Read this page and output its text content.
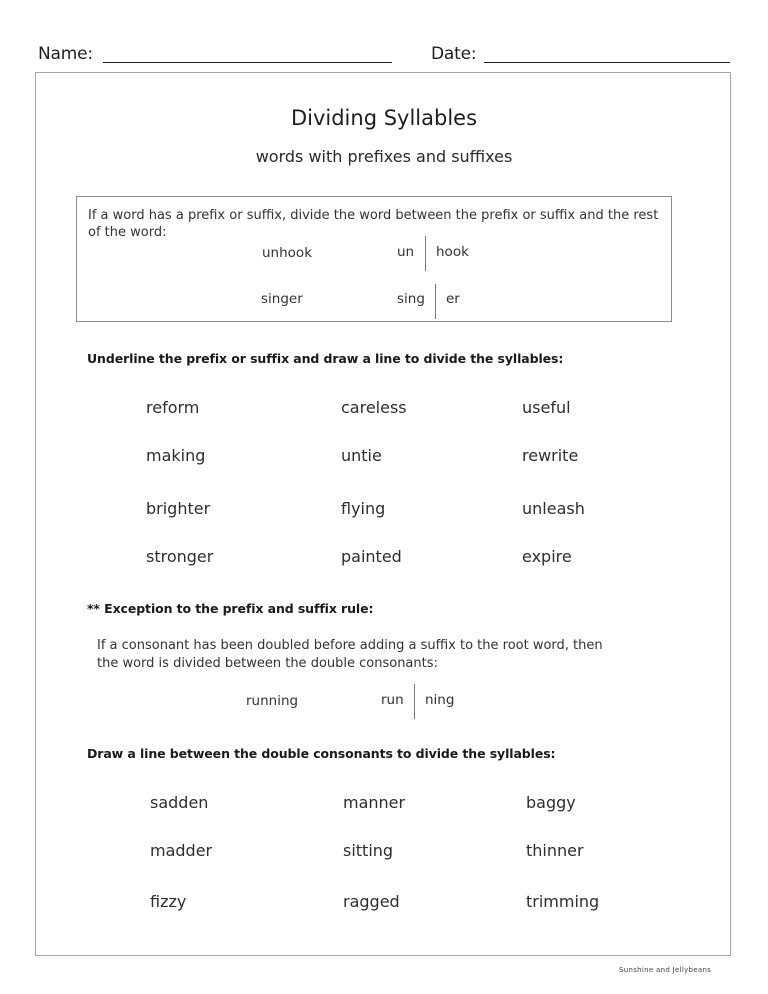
Name:	Date:
Dividing Syllables
words with prefixes and suffixes
If a word has a prefix or suffix, divide the word between the prefix or suffix and the rest of the word:
unhook	un hook
singer	sing er
Underline the prefix or suffix and draw a line to divide the syllables:
reform	careless	useful
making	untie	rewrite
brighter	flying	unleash
stronger	painted	expire
** Exception to the prefix and suffix rule:
If a consonant has been doubled before adding a suffix to the root word, then
the word is divided between the double consonants:
running	run ning
Draw a line between the double consonants to divide the syllables:
sadden	manner	baggy
madder	sitting	thinner
fizzy	ragged	trimming
Sunshine and Jellybeans
